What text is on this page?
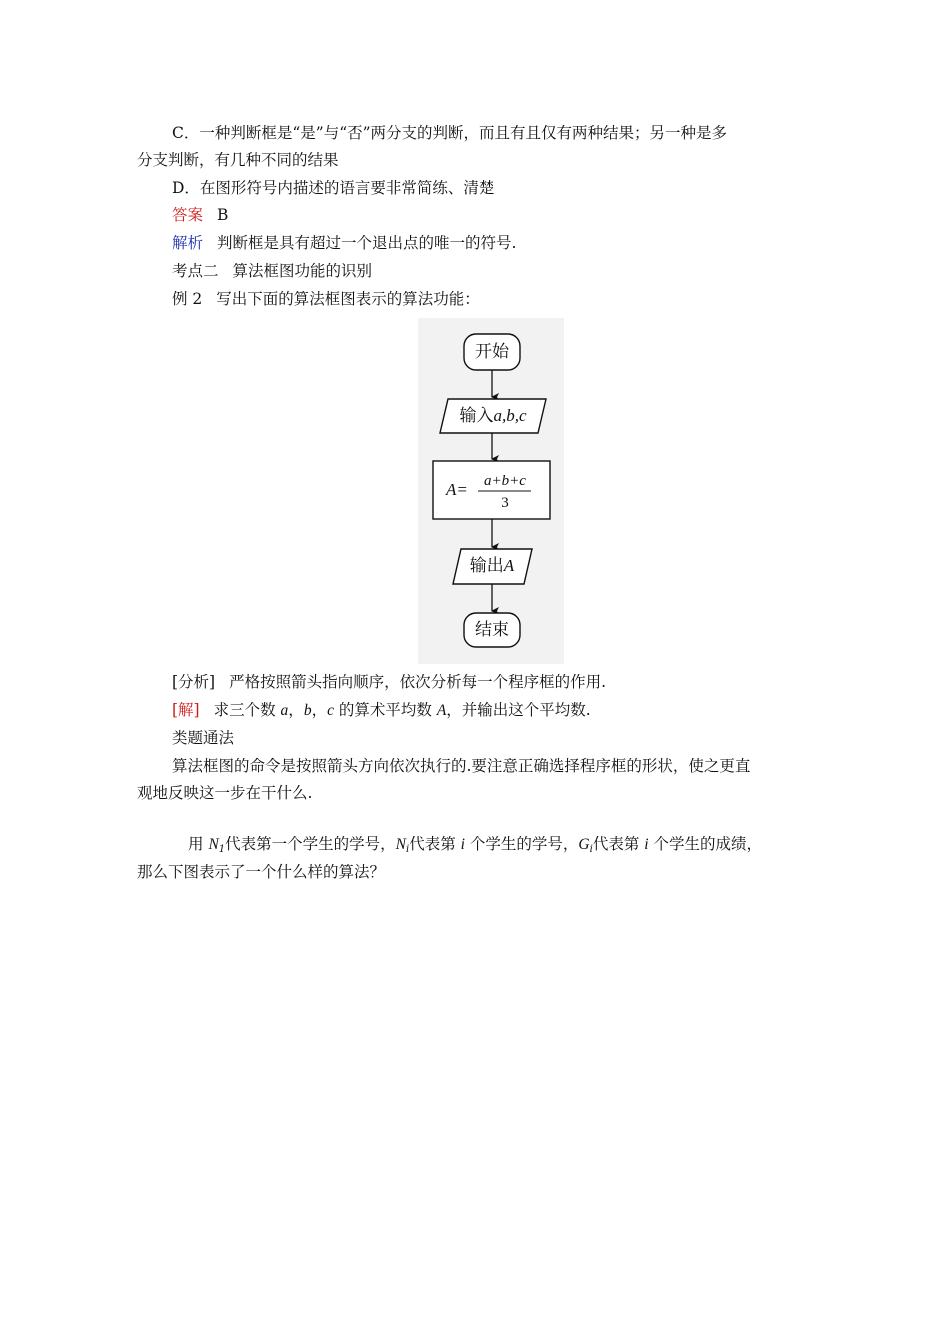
C．一种判断框是“是”与“否”两分支的判断，而且有且仅有两种结果；另一种是多
分支判断，有几种不同的结果
D．在图形符号内描述的语言要非常简练、清楚
答案 B
解析 判断框是具有超过一个退出点的唯一的符号.
考点二 算法框图功能的识别
例 2 写出下面的算法框图表示的算法功能：
开始
输入a,b,c
A=	a+b+c
3
输出A
结束
[分析] 严格按照箭头指向顺序，依次分析每一个程序框的作用.
[解] 求三个数 a，b，c 的算术平均数 A，并输出这个平均数.
类题通法
算法框图的命令是按照箭头方向依次执行的.要注意正确选择程序框的形状，使之更直
观地反映这一步在干什么.
用 $N_1$代表第一个学生的学号，$N_i$代表第 i 个学生的学号，$G_i$代表第 i 个学生的成绩，
那么下图表示了一个什么样的算法？
